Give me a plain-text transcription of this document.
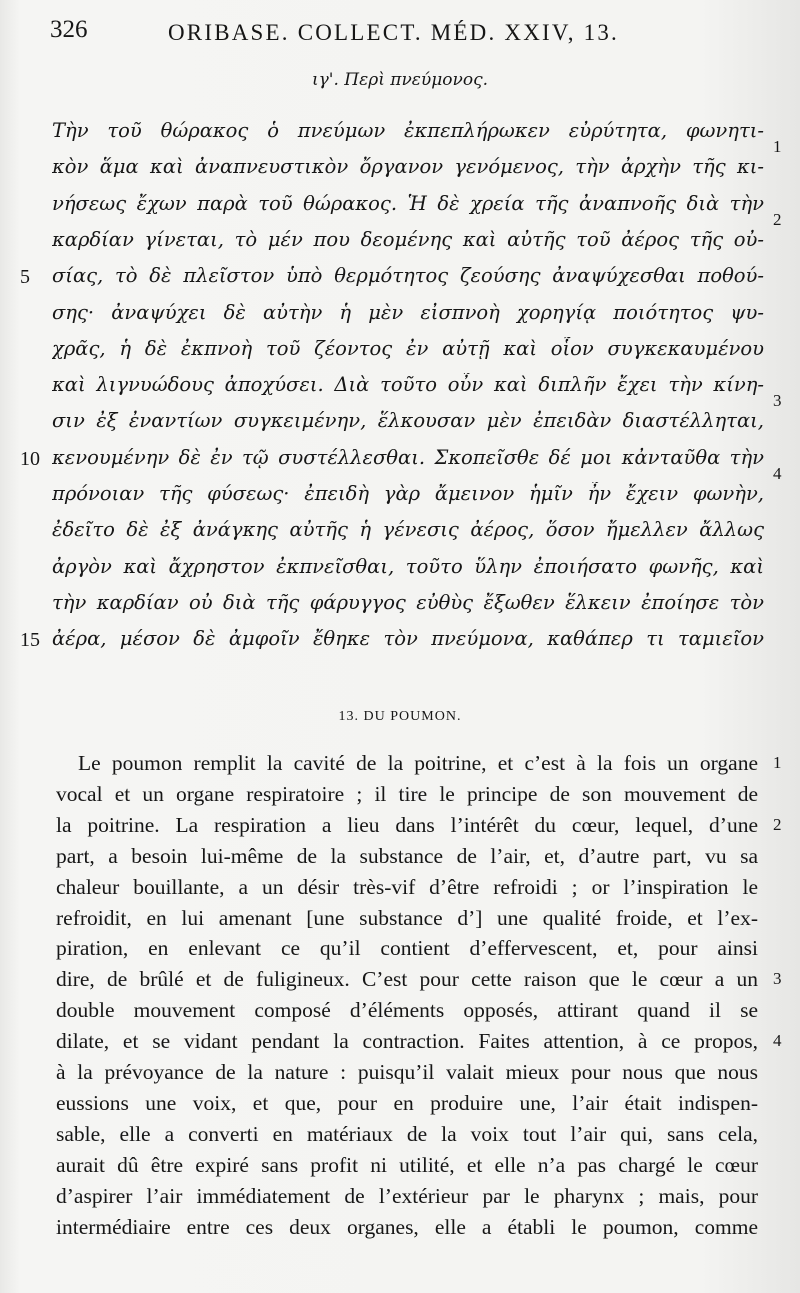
326	ORIBASE. COLLECT. MÉD. XXIV, 13.
ιγ'. Περὶ πνεύμονος.
Τὴν τοῦ θώρακος ὁ πνεύμων ἐκπεπλήρωκεν εὐρύτητα, φωνητι-
1
κὸν ἅμα καὶ ἀναπνευστικὸν ὄργανον γενόμενος, τὴν ἀρχὴν τῆς κι-
νήσεως ἔχων παρὰ τοῦ θώρακος. Ἡ δὲ χρεία τῆς ἀναπνοῆς διὰ τὴν
2
καρδίαν γίνεται, τὸ μέν που δεομένης καὶ αὐτῆς τοῦ ἀέρος τῆς οὐ-
σίας, τὸ δὲ πλεῖστον ὑπὸ θερμότητος ζεούσης ἀναψύχεσθαι ποθού-
5
σης· ἀναψύχει δὲ αὐτὴν ἡ μὲν εἰσπνοὴ χορηγίᾳ ποιότητος ψυ-
χρᾶς, ἡ δὲ ἐκπνοὴ τοῦ ζέοντος ἐν αὐτῇ καὶ οἷον συγκεκαυμένου
καὶ λιγνυώδους ἀποχύσει. Διὰ τοῦτο οὖν καὶ διπλῆν ἔχει τὴν κίνη-
3
σιν ἐξ ἐναντίων συγκειμένην, ἕλκουσαν μὲν ἐπειδὰν διαστέλληται,
κενουμένην δὲ ἐν τῷ συστέλλεσθαι. Σκοπεῖσθε δέ μοι κἀνταῦθα τὴν
10
4
πρόνοιαν τῆς φύσεως· ἐπειδὴ γὰρ ἄμεινον ἡμῖν ἦν ἔχειν φωνὴν,
ἐδεῖτο δὲ ἐξ ἀνάγκης αὐτῆς ἡ γένεσις ἀέρος, ὅσον ἤμελλεν ἄλλως
ἀργὸν καὶ ἄχρηστον ἐκπνεῖσθαι, τοῦτο ὕλην ἐποιήσατο φωνῆς, καὶ
τὴν καρδίαν οὐ διὰ τῆς φάρυγγος εὐθὺς ἔξωθεν ἕλκειν ἐποίησε τὸν
ἀέρα, μέσον δὲ ἀμφοῖν ἔθηκε τὸν πνεύμονα, καθάπερ τι ταμιεῖον
15
13. DU POUMON.
Le poumon remplit la cavité de la poitrine, et c’est à la fois un organe 1
vocal et un organe respiratoire ; il tire le principe de son mouvement de
la poitrine. La respiration a lieu dans l’intérêt du cœur, lequel, d’une 2
part, a besoin lui-même de la substance de l’air, et, d’autre part, vu sa
chaleur bouillante, a un désir très-vif d’être refroidi ; or l’inspiration le
refroidit, en lui amenant [une substance d’] une qualité froide, et l’ex-
piration, en enlevant ce qu’il contient d’effervescent, et, pour ainsi
dire, de brûlé et de fuligineux. C’est pour cette raison que le cœur a un 3
double mouvement composé d’éléments opposés, attirant quand il se
dilate, et se vidant pendant la contraction. Faites attention, à ce propos, 4
à la prévoyance de la nature : puisqu’il valait mieux pour nous que nous
eussions une voix, et que, pour en produire une, l’air était indispen-
sable, elle a converti en matériaux de la voix tout l’air qui, sans cela,
aurait dû être expiré sans profit ni utilité, et elle n’a pas chargé le cœur
d’aspirer l’air immédiatement de l’extérieur par le pharynx ; mais, pour
intermédiaire entre ces deux organes, elle a établi le poumon, comme
